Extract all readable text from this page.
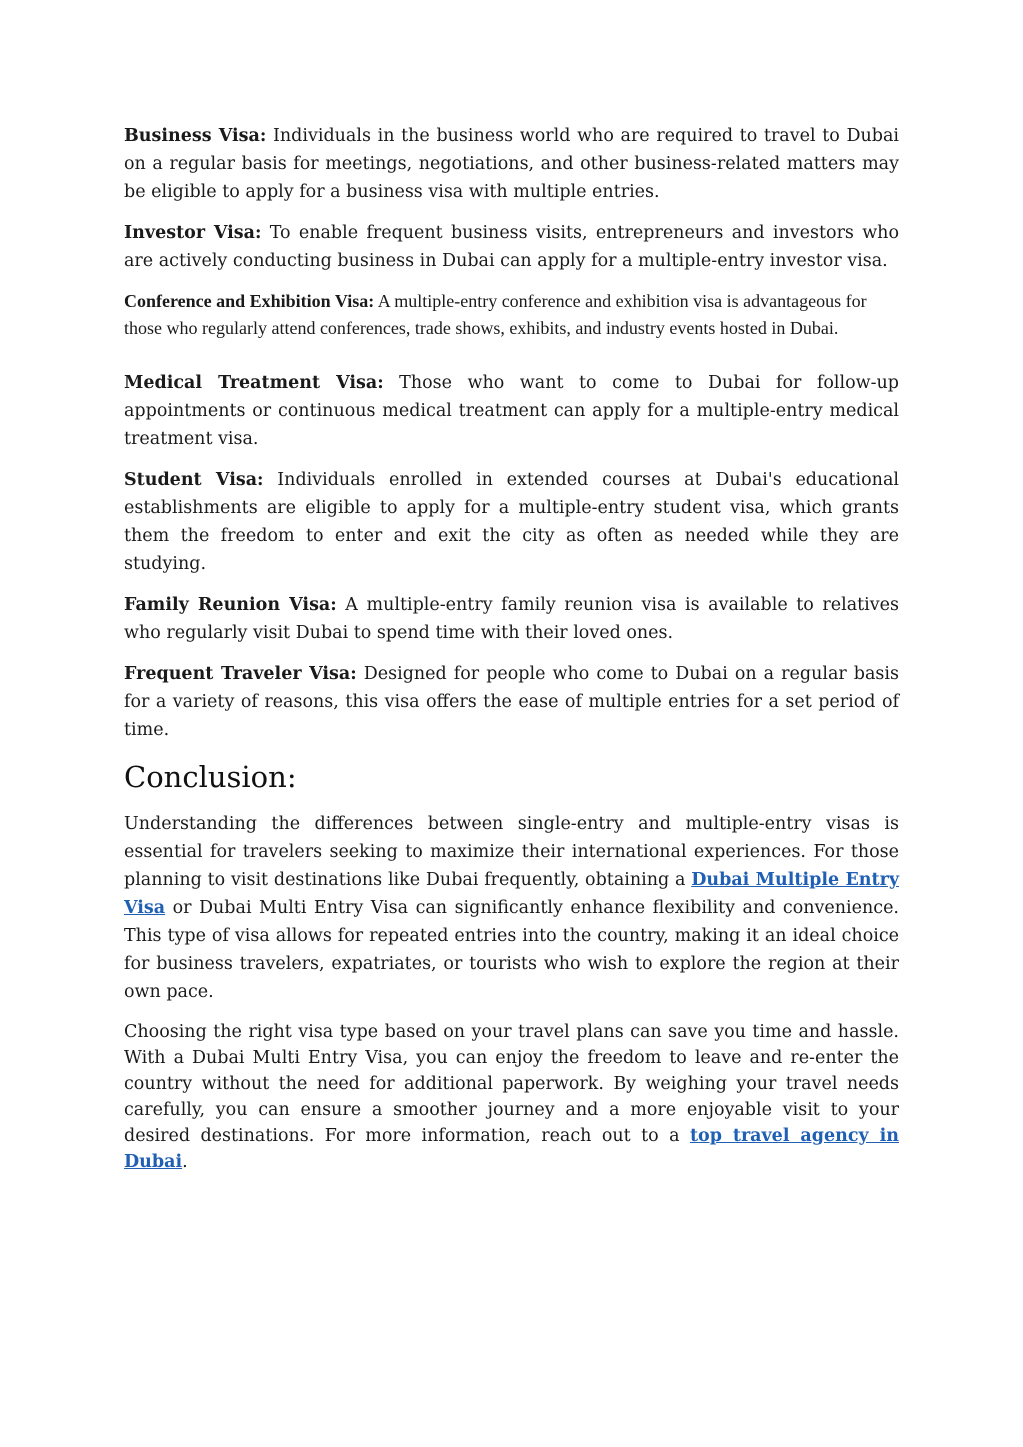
Business Visa: Individuals in the business world who are required to travel to Dubai on a regular basis for meetings, negotiations, and other business-related matters may be eligible to apply for a business visa with multiple entries.

Investor Visa: To enable frequent business visits, entrepreneurs and investors who are actively conducting business in Dubai can apply for a multiple-entry investor visa.

Conference and Exhibition Visa: A multiple-entry conference and exhibition visa is advantageous for those who regularly attend conferences, trade shows, exhibits, and industry events hosted in Dubai.

Medical Treatment Visa: Those who want to come to Dubai for follow-up appointments or continuous medical treatment can apply for a multiple-entry medical treatment visa.

Student Visa: Individuals enrolled in extended courses at Dubai's educational establishments are eligible to apply for a multiple-entry student visa, which grants them the freedom to enter and exit the city as often as needed while they are studying.

Family Reunion Visa: A multiple-entry family reunion visa is available to relatives who regularly visit Dubai to spend time with their loved ones.

Frequent Traveler Visa: Designed for people who come to Dubai on a regular basis for a variety of reasons, this visa offers the ease of multiple entries for a set period of time.

Conclusion:

Understanding the differences between single-entry and multiple-entry visas is essential for travelers seeking to maximize their international experiences. For those planning to visit destinations like Dubai frequently, obtaining a Dubai Multiple Entry Visa or Dubai Multi Entry Visa can significantly enhance flexibility and convenience. This type of visa allows for repeated entries into the country, making it an ideal choice for business travelers, expatriates, or tourists who wish to explore the region at their own pace.

Choosing the right visa type based on your travel plans can save you time and hassle. With a Dubai Multi Entry Visa, you can enjoy the freedom to leave and re-enter the country without the need for additional paperwork. By weighing your travel needs carefully, you can ensure a smoother journey and a more enjoyable visit to your desired destinations. For more information, reach out to a top travel agency in Dubai.
